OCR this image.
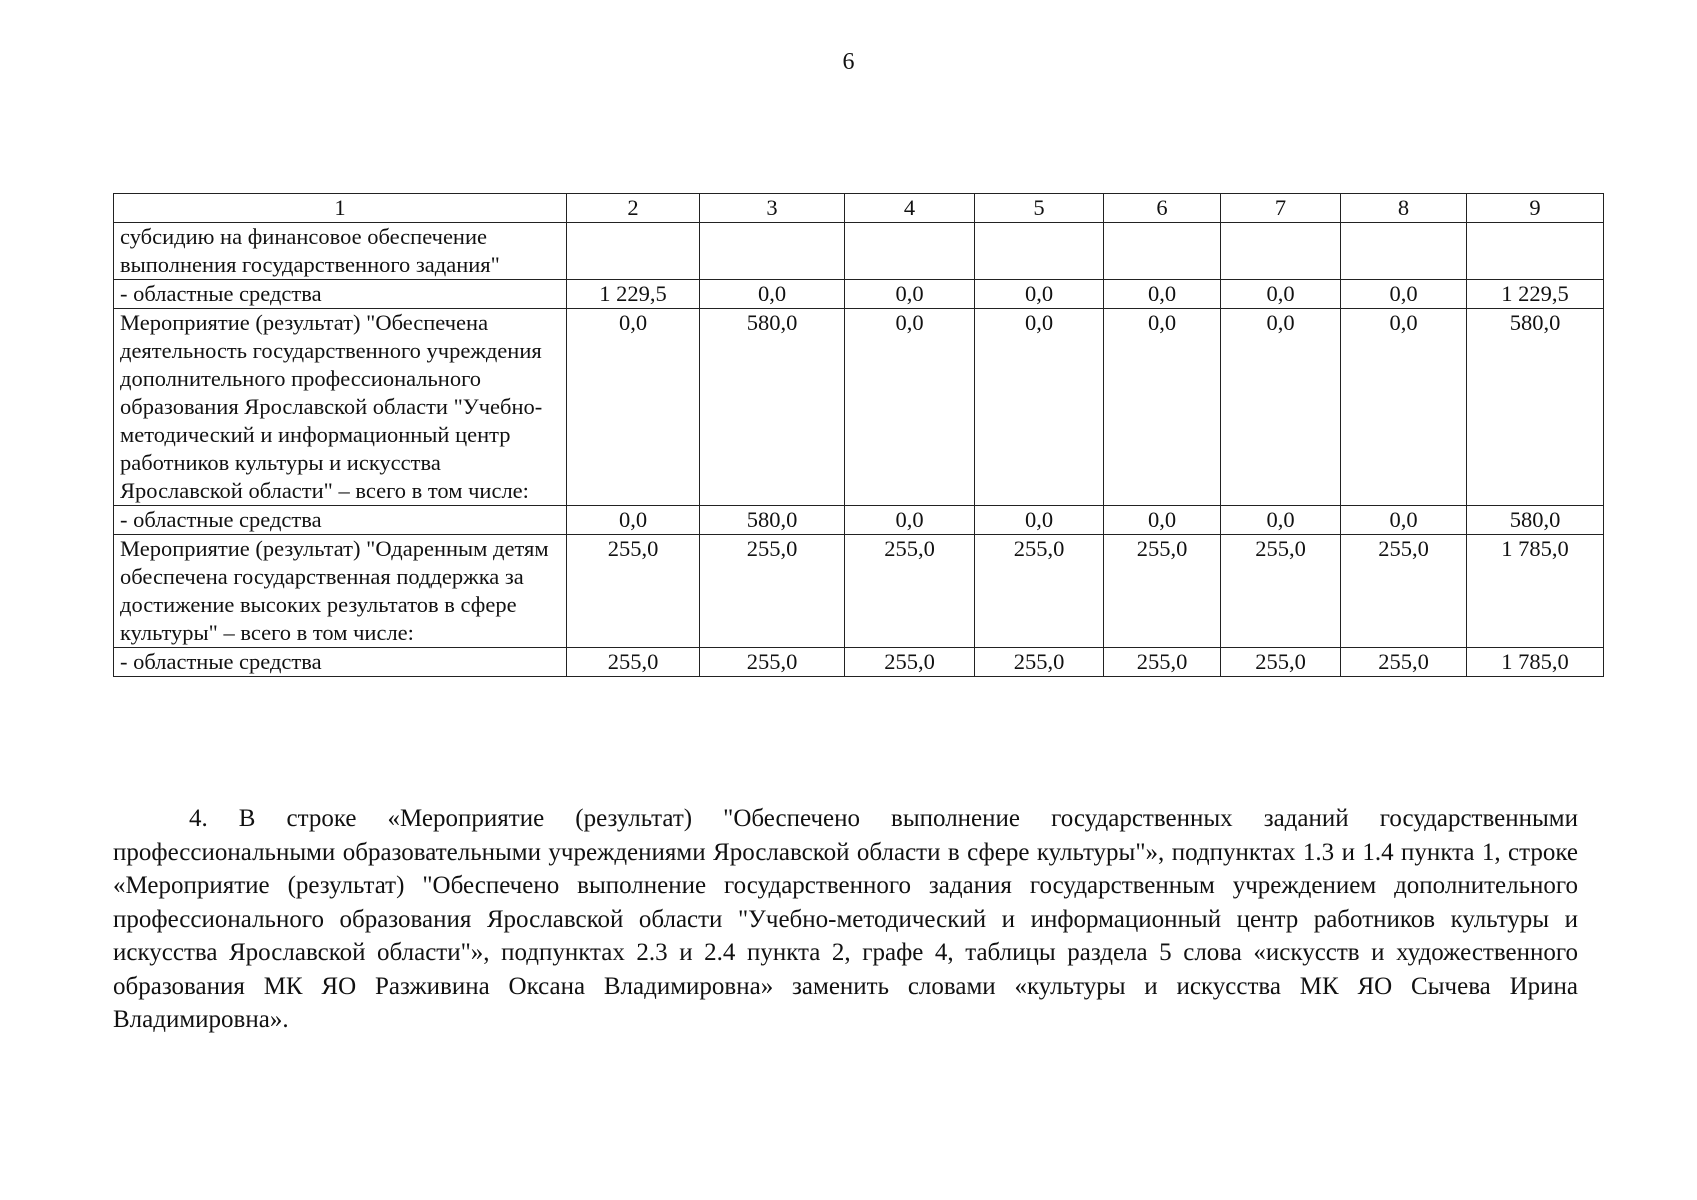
6
1	2	3	4	5	6	7	8	9
субсидию на финансовое обеспечение выполнения государственного задания"								
- областные средства	1 229,5	0,0	0,0	0,0	0,0	0,0	0,0	1 229,5
Мероприятие (результат) "Обеспечена деятельность государственного учреждения дополнительного профессионального образования Ярославской области "Учебно-методический и информационный центр работников культуры и искусства Ярославской области" – всего в том числе:	0,0	580,0	0,0	0,0	0,0	0,0	0,0	580,0
- областные средства	0,0	580,0	0,0	0,0	0,0	0,0	0,0	580,0
Мероприятие (результат) "Одаренным детям обеспечена государственная поддержка за достижение высоких результатов в сфере культуры" – всего в том числе:	255,0	255,0	255,0	255,0	255,0	255,0	255,0	1 785,0
- областные средства	255,0	255,0	255,0	255,0	255,0	255,0	255,0	1 785,0

4. В строке «Мероприятие (результат) "Обеспечено выполнение государственных заданий государственными профессиональными образовательными учреждениями Ярославской области в сфере культуры"», подпунктах 1.3 и 1.4 пункта 1, строке «Мероприятие (результат) "Обеспечено выполнение государственного задания государственным учреждением дополнительного профессионального образования Ярославской области "Учебно-методический и информационный центр работников культуры и искусства Ярославской области"», подпунктах 2.3 и 2.4 пункта 2, графе 4, таблицы раздела 5 слова «искусств и художественного образования МК ЯО Разживина Оксана Владимировна» заменить словами «культуры и искусства МК ЯО Сычева Ирина Владимировна».
